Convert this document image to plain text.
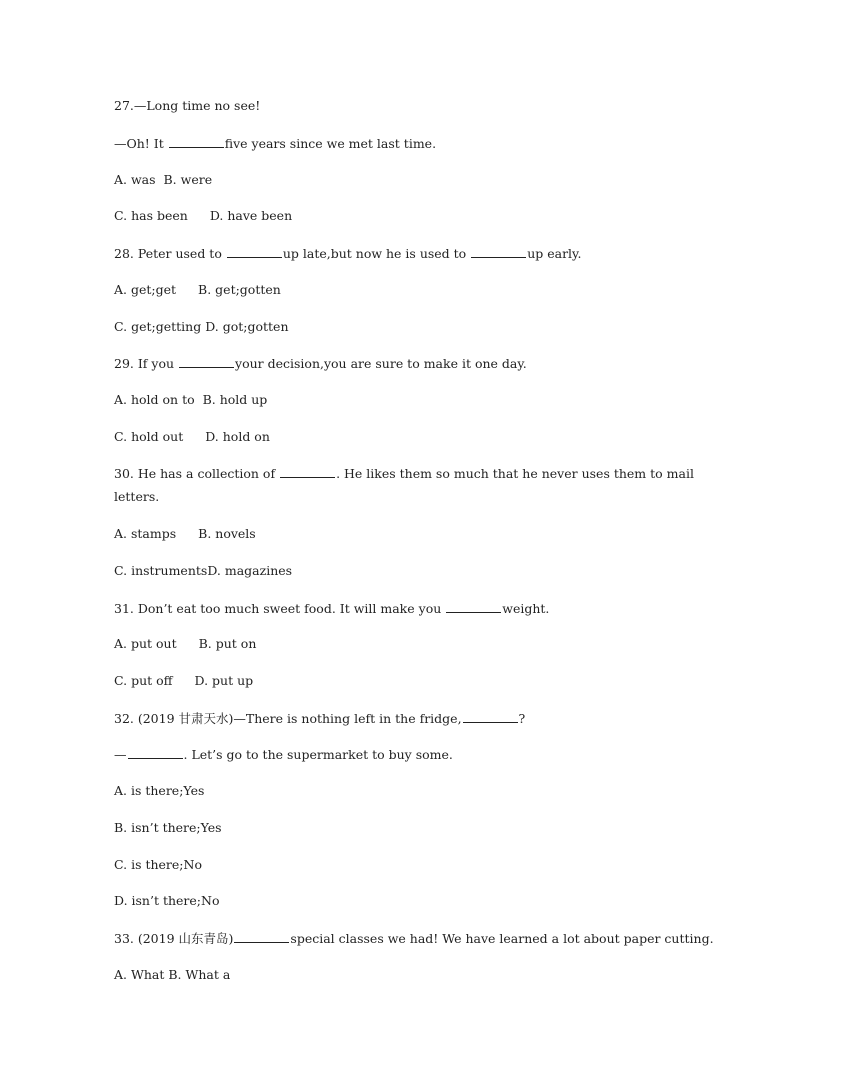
27.—Long time no see!
—Oh! It	five years since we met last time.
A. was B. were
C. has been D. have been
28. Peter used to	up late,but now he is used to	up early.
A. get;get B. get;gotten
C. get;getting D. got;gotten
29. If you	your decision,you are sure to make it one day.
A. hold on to B. hold up
C. hold out D. hold on
30. He has a collection of	. He likes them so much that he never uses them to mail
letters.
A. stamps B. novels
C. instrumentsD. magazines
31. Don’t eat too much sweet food. It will make you	weight.
A. put out B. put on
C. put off D. put up
32. (2019 甘肃天水)—There is nothing left in the fridge,	?
—	. Let’s go to the supermarket to buy some.
A. is there;Yes
B. isn’t there;Yes
C. is there;No
D. isn’t there;No
33. (2019 山东青岛)	special classes we had! We have learned a lot about paper cutting.
A. What B. What a
